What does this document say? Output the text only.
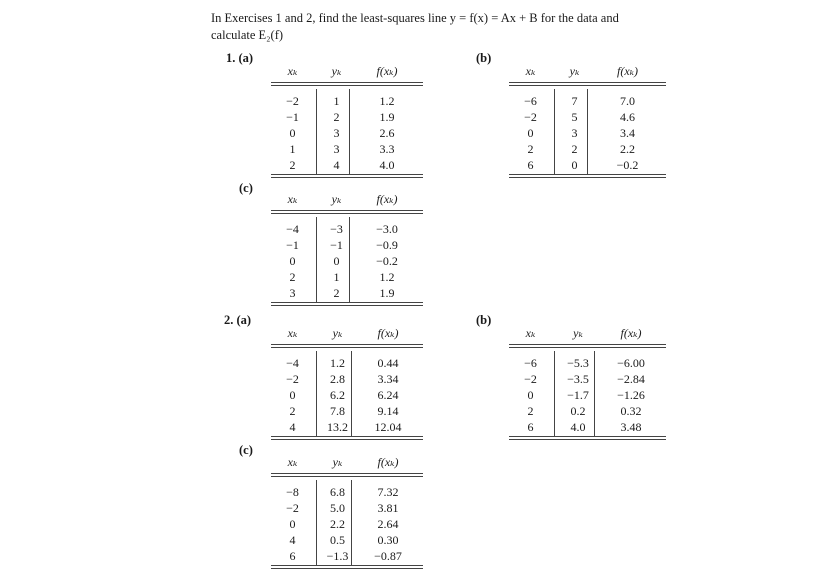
In Exercises 1 and 2, find the least-squares line y = f(x) = Ax + B for the data and
calculate E₂(f)
1. (a)	(b)
(c)
2. (a)	(b)
(c)
xₖ	yₖ	f(xₖ)
−2	1	1.2
−1	2	1.9
0	3	2.6
1	3	3.3
2	4	4.0
xₖ	yₖ	f(xₖ)
−6	7	7.0
−2	5	4.6
0	3	3.4
2	2	2.2
6	0	−0.2
xₖ	yₖ	f(xₖ)
−4	−3	−3.0
−1	−1	−0.9
0	0	−0.2
2	1	1.2
3	2	1.9
xₖ	yₖ	f(xₖ)
−4	1.2	0.44
−2	2.8	3.34
0	6.2	6.24
2	7.8	9.14
4	13.2	12.04
xₖ	yₖ	f(xₖ)
−6	−5.3	−6.00
−2	−3.5	−2.84
0	−1.7	−1.26
2	0.2	0.32
6	4.0	3.48
xₖ	yₖ	f(xₖ)
−8	6.8	7.32
−2	5.0	3.81
0	2.2	2.64
4	0.5	0.30
6	−1.3	−0.87
